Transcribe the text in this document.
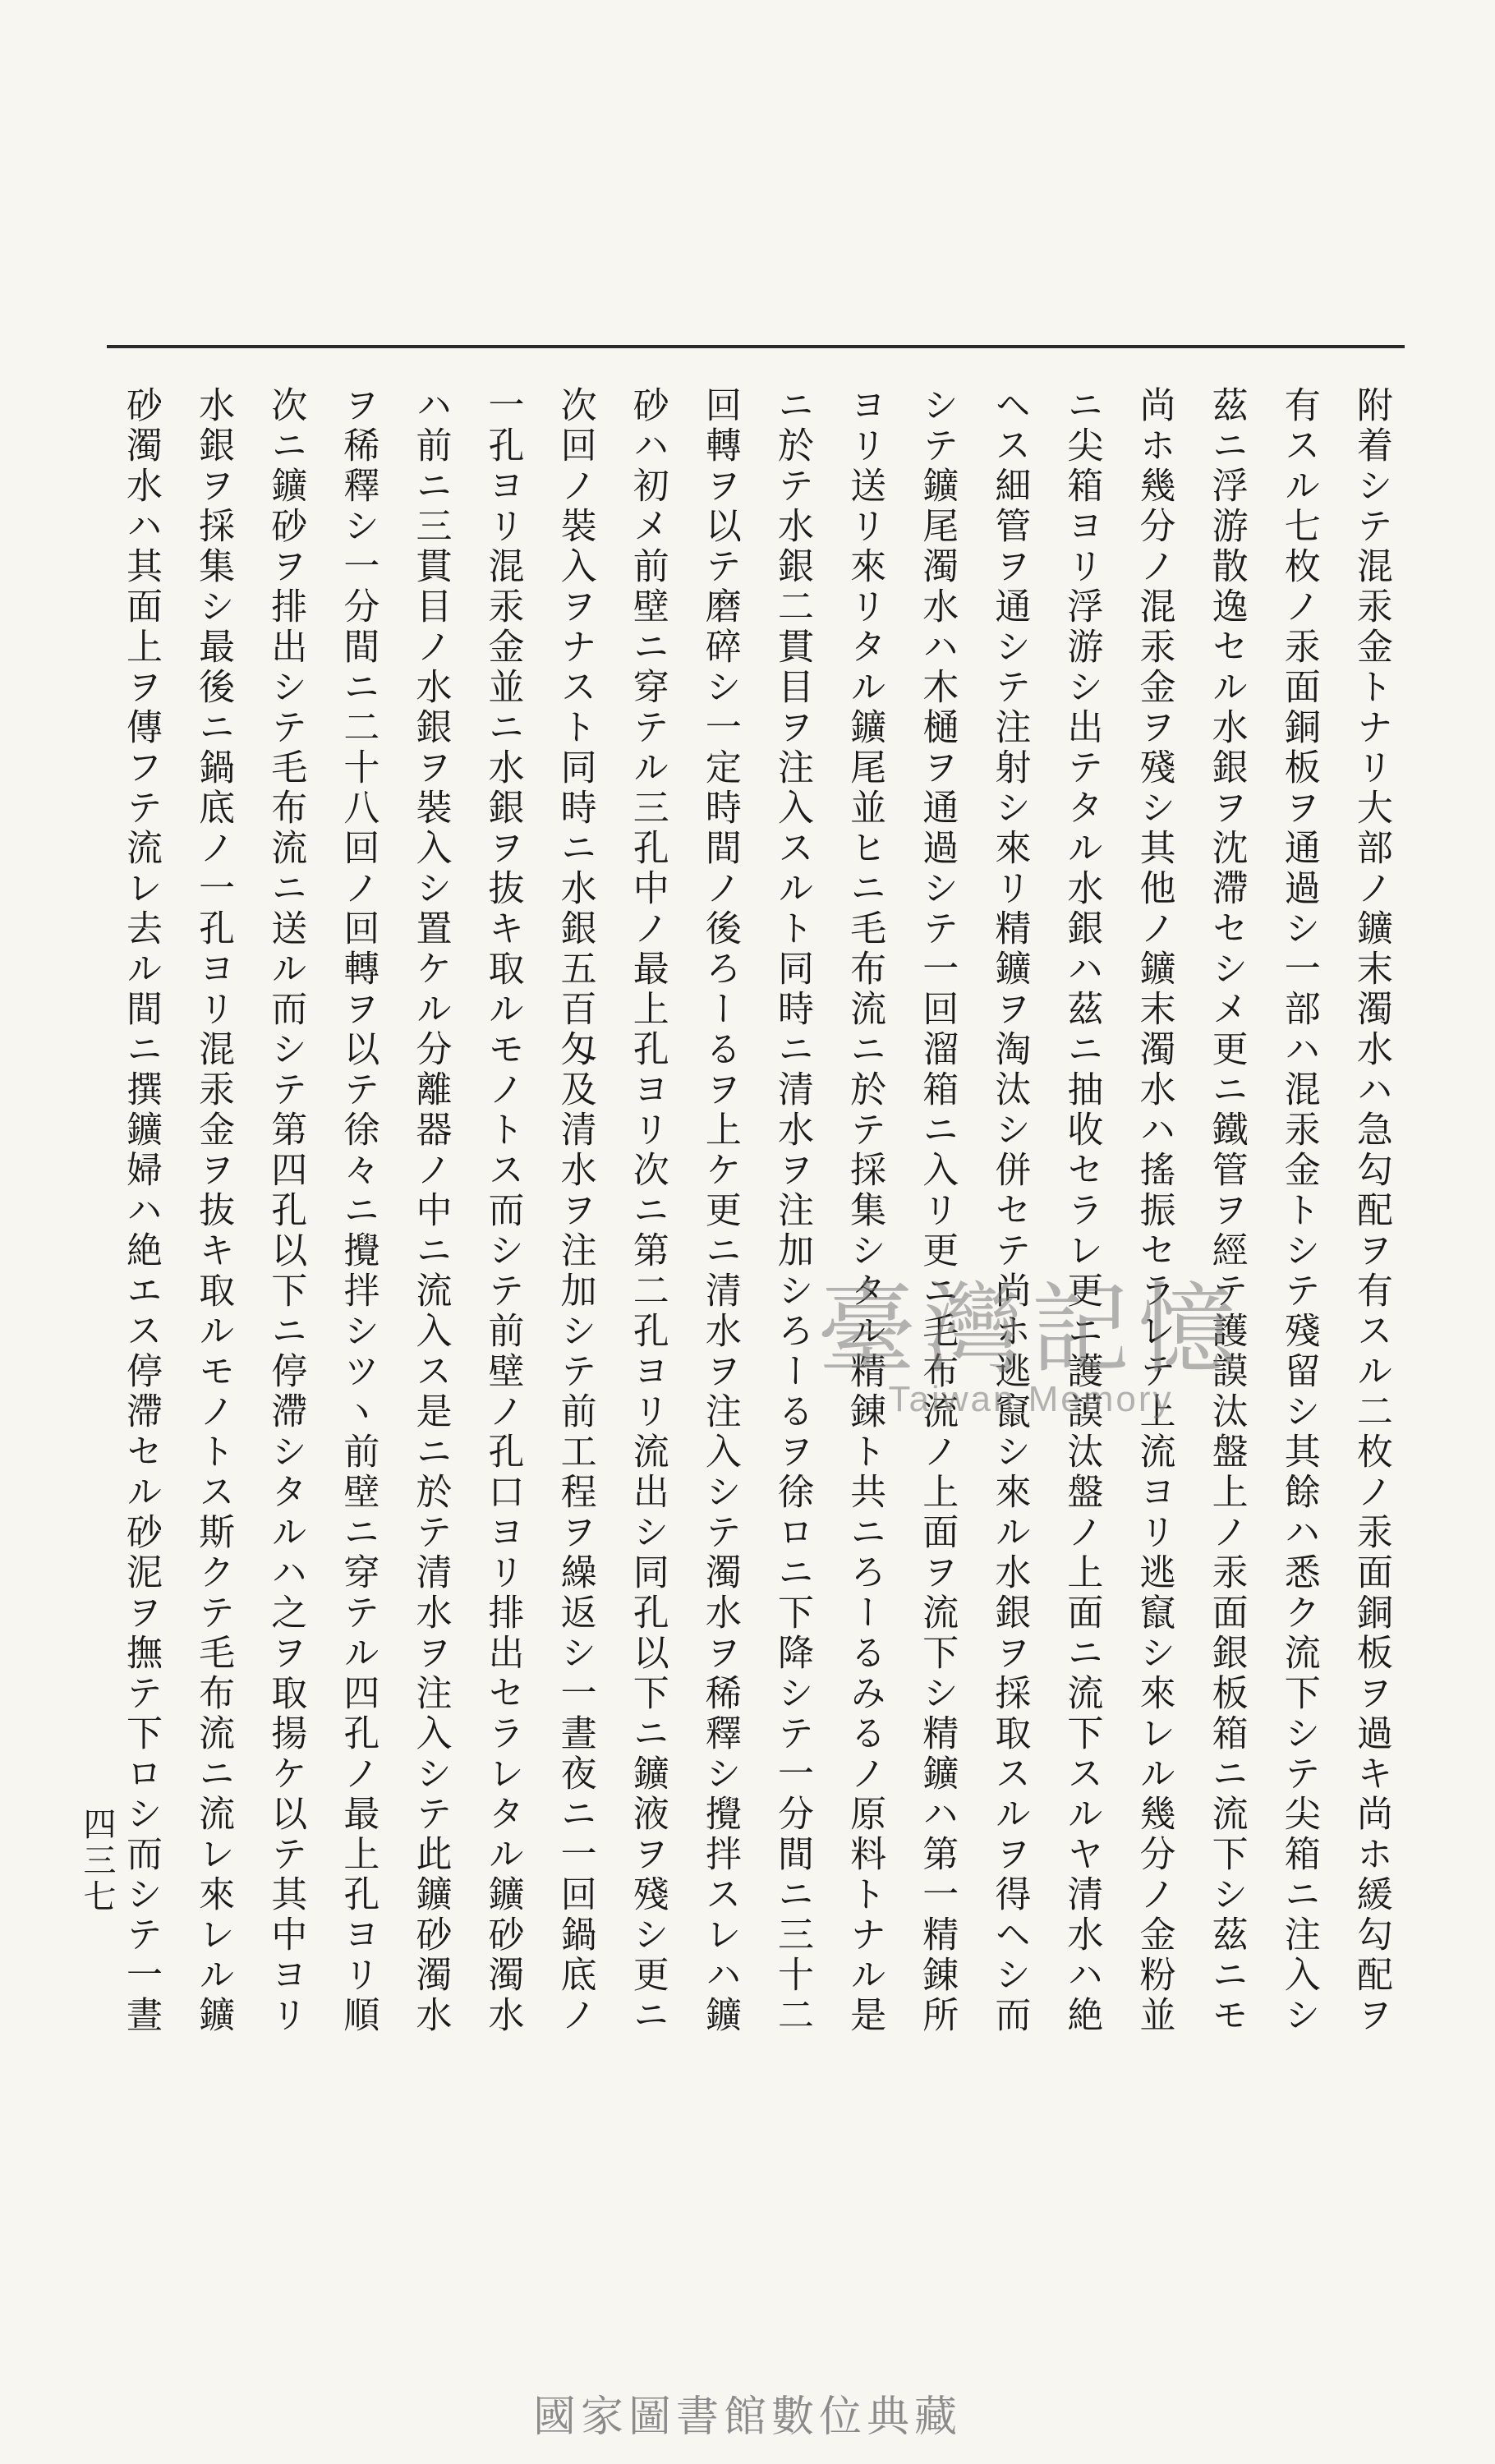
附着シテ混汞金トナリ大部ノ鑛末濁水ハ急勾配ヲ有スル二枚ノ汞面銅板ヲ過キ尚ホ緩勾配ヲ
有スル七枚ノ汞面銅板ヲ通過シ一部ハ混汞金トシテ殘留シ其餘ハ悉ク流下シテ尖箱ニ注入シ
茲ニ浮游散逸セル水銀ヲ沈滯セシメ更ニ鐵管ヲ經テ護謨汰盤上ノ汞面銀板箱ニ流下シ茲ニモ
尚ホ幾分ノ混汞金ヲ殘シ其他ノ鑛末濁水ハ搖振セラレテ上流ヨリ逃竄シ來レル幾分ノ金粉並
ニ尖箱ヨリ浮游シ出テタル水銀ハ茲ニ抽收セラレ更ニ護謨汰盤ノ上面ニ流下スルヤ清水ハ絶
ヘス細管ヲ通シテ注射シ來リ精鑛ヲ淘汰シ併セテ尚ホ逃竄シ來ル水銀ヲ採取スルヲ得ヘシ而
シテ鑛尾濁水ハ木樋ヲ通過シテ一回溜箱ニ入リ更ニ毛布流ノ上面ヲ流下シ精鑛ハ第一精錬所
ヨリ送リ來リタル鑛尾並ヒニ毛布流ニ於テ採集シタル精錬ト共ニろーるみるノ原料トナル是
ニ於テ水銀二貫目ヲ注入スルト同時ニ清水ヲ注加シろーるヲ徐ロニ下降シテ一分間ニ三十二
回轉ヲ以テ磨碎シ一定時間ノ後ろーるヲ上ケ更ニ清水ヲ注入シテ濁水ヲ稀釋シ攪拌スレハ鑛
砂ハ初メ前壁ニ穿テル三孔中ノ最上孔ヨリ次ニ第二孔ヨリ流出シ同孔以下ニ鑛液ヲ殘シ更ニ
次回ノ裝入ヲナスト同時ニ水銀五百匁及清水ヲ注加シテ前工程ヲ繰返シ一晝夜ニ一回鍋底ノ
一孔ヨリ混汞金並ニ水銀ヲ抜キ取ルモノトス而シテ前壁ノ孔口ヨリ排出セラレタル鑛砂濁水
ハ前ニ三貫目ノ水銀ヲ裝入シ置ケル分離器ノ中ニ流入ス是ニ於テ清水ヲ注入シテ此鑛砂濁水
ヲ稀釋シ一分間ニ二十八回ノ回轉ヲ以テ徐々ニ攪拌シツヽ前壁ニ穿テル四孔ノ最上孔ヨリ順
次ニ鑛砂ヲ排出シテ毛布流ニ送ル而シテ第四孔以下ニ停滯シタルハ之ヲ取揚ケ以テ其中ヨリ
水銀ヲ採集シ最後ニ鍋底ノ一孔ヨリ混汞金ヲ抜キ取ルモノトス斯クテ毛布流ニ流レ來レル鑛
砂濁水ハ其面上ヲ傳フテ流レ去ル間ニ撰鑛婦ハ絶エス停滯セル砂泥ヲ撫テ下ロシ而シテ一晝
四三七
臺灣記憶
Taiwan Memory
國家圖書館數位典藏
